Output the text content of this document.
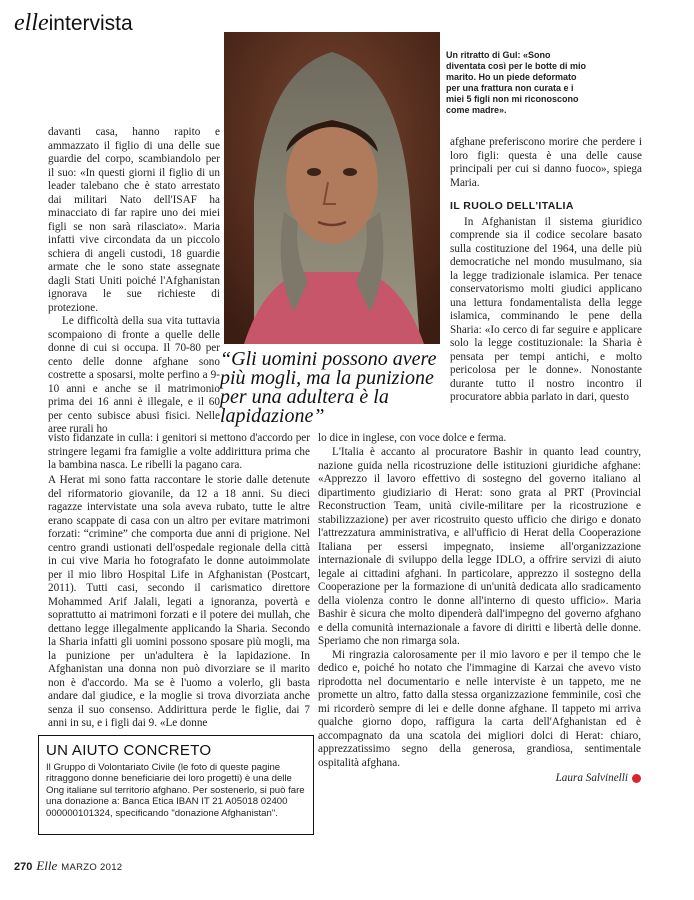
elle intervista
Un ritratto di Gul: «Sono diventata così per le botte di mio marito. Ho un piede deformato per una frattura non curata e i miei 5 figli non mi riconoscono come madre».

davanti casa, hanno rapito e ammazzato il figlio di una delle sue guardie del corpo, scambiandolo per il suo: «In questi giorni il figlio di un leader talebano che è stato arrestato dai militari Nato dell'ISAF ha minacciato di far rapire uno dei miei figli se non sarà rilasciato». Maria infatti vive circondata da un piccolo schiera di angeli custodi, 18 guardie armate che le sono state assegnate dagli Stati Uniti poiché l'Afghanistan ignorava le sue richieste di protezione.

Le difficoltà della sua vita tuttavia scompaiono di fronte a quelle delle donne di cui si occupa. Il 70-80 per cento delle donne afghane sono costrette a sposarsi, molte perfino a 9-10 anni e anche se il matrimonio prima dei 16 anni è illegale, e il 60 per cento subisce abusi fisici. Nelle aree rurali ho

“Gli uomini possono avere più mogli, ma la punizione per una adultera è la lapidazione”

afghane preferiscono morire che perdere i loro figli: questa è una delle cause principali per cui si danno fuoco», spiega Maria.

IL RUOLO DELL'ITALIA

In Afghanistan il sistema giuridico comprende sia il codice secolare basato sulla costituzione del 1964, una delle più democratiche nel mondo musulmano, sia la legge tradizionale islamica. Per tenace conservatorismo molti giudici applicano una lettura fondamentalista della legge islamica, comminando le pene della Sharia: «Io cerco di far seguire e applicare solo la legge costituzionale: la Sharia è pensata per tempi antichi, e molto pericolosa per le donne». Nonostante durante tutto il nostro incontro il procuratore abbia parlato in dari, questo

visto fidanzate in culla: i genitori si mettono d'accordo per stringere legami fra famiglie a volte addirittura prima che la bambina nasca. Le ribelli la pagano cara.
lo dice in inglese, con voce dolce e ferma.

A Herat mi sono fatta raccontare le storie dalle detenute del riformatorio giovanile, da 12 a 18 anni. Su dieci ragazze intervistate una sola aveva rubato, tutte le altre erano scappate di casa con un altro per evitare matrimoni forzati: “crimine” che comporta due anni di prigione. Nel centro grandi ustionati dell'ospedale regionale della città in cui vive Maria ho fotografato le donne autoimmolate per il mio libro Hospital Life in Afghanistan (Postcart, 2011). Tutti casi, secondo il carismatico direttore Mohammed Arif Jalali, legati a ignoranza, povertà e soprattutto ai matrimoni forzati e il potere dei mullah, che dettano legge illegalmente applicando la Sharia. Secondo la Sharia infatti gli uomini possono sposare più mogli, ma la punizione per un'adultera è la lapidazione. In Afghanistan una donna non può divorziare se il marito non è d'accordo. Ma se è l'uomo a volerlo, gli basta andare dal giudice, e la moglie si trova divorziata anche senza il suo consenso. Addirittura perde le figlie, dai 7 anni in su, e i figli dai 9. «Le donne

L'Italia è accanto al procuratore Bashir in quanto lead country, nazione guida nella ricostruzione delle istituzioni giuridiche afghane: «Apprezzo il lavoro effettivo di sostegno del governo italiano al dipartimento giudiziario di Herat: sono grata al PRT (Provincial Reconstruction Team, unità civile-militare per la ricostruzione e stabilizzazione) per aver ricostruito questo ufficio che dirigo e donato l'attrezzatura amministrativa, e all'ufficio di Herat della Cooperazione Italiana per essersi impegnato, insieme all'organizzazione internazionale di sviluppo della legge IDLO, a offrire servizi di aiuto legale ai cittadini afghani. In particolare, apprezzo il sostegno della Cooperazione per la formazione di un'unità dedicata allo sradicamento della violenza contro le donne all'interno di questo ufficio». Maria Bashir è sicura che molto dipenderà dall'impegno del governo afghano e della comunità internazionale a favore di diritti e libertà delle donne. Speriamo che non rimarga sola.

Mi ringrazia calorosamente per il mio lavoro e per il tempo che le dedico e, poiché ho notato che l'immagine di Karzai che avevo visto riprodotta nel documentario e nelle interviste è un tappeto, me ne promette un altro, fatto dalla stessa organizzazione femminile, così che mi ricorderò sempre di lei e delle donne afghane. Il tappeto mi arriva qualche giorno dopo, raffigura la carta dell'Afghanistan ed è accompagnato da una scatola dei migliori dolci di Herat: chiaro, apprezzatissimo segno della generosa, grandiosa, sentimentale ospitalità afghana.

Laura Salvinelli

UN AIUTO CONCRETO
Il Gruppo di Volontariato Civile (le foto di queste pagine ritraggono donne beneficiarie dei loro progetti) è una delle Ong italiane sul territorio afghano. Per sostenerlo, si può fare una donazione a: Banca Etica IBAN IT 21 A05018 02400 000000101324, specificando "donazione Afghanistan".
270 Elle MARZO 2012
